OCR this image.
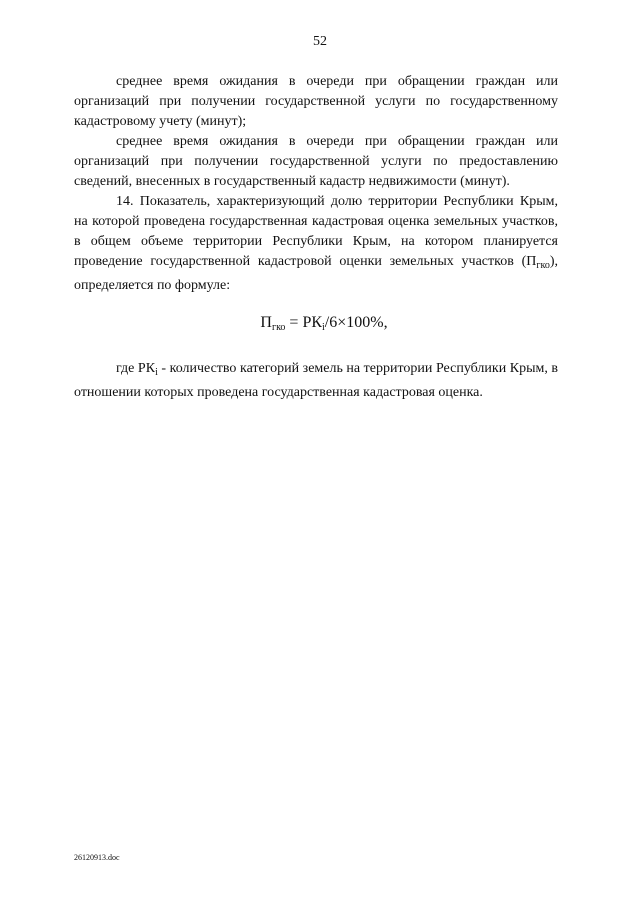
52

среднее время ожидания в очереди при обращении граждан или организаций при получении государственной услуги по государственному кадастровому учету (минут);

среднее время ожидания в очереди при обращении граждан или организаций при получении государственной услуги по предоставлению сведений, внесенных в государственный кадастр недвижимости (минут).

14. Показатель, характеризующий долю территории Республики Крым, на которой проведена государственная кадастровая оценка земельных участков, в общем объеме территории Республики Крым, на котором планируется проведение государственной кадастровой оценки земельных участков $(П_{гко})$, определяется по формуле:

$П_{гко} = РК_i/6\times 100\%$,

где $РК_i$ - количество категорий земель на территории Республики Крым, в отношении которых проведена государственная кадастровая оценка.

26120913.doc
